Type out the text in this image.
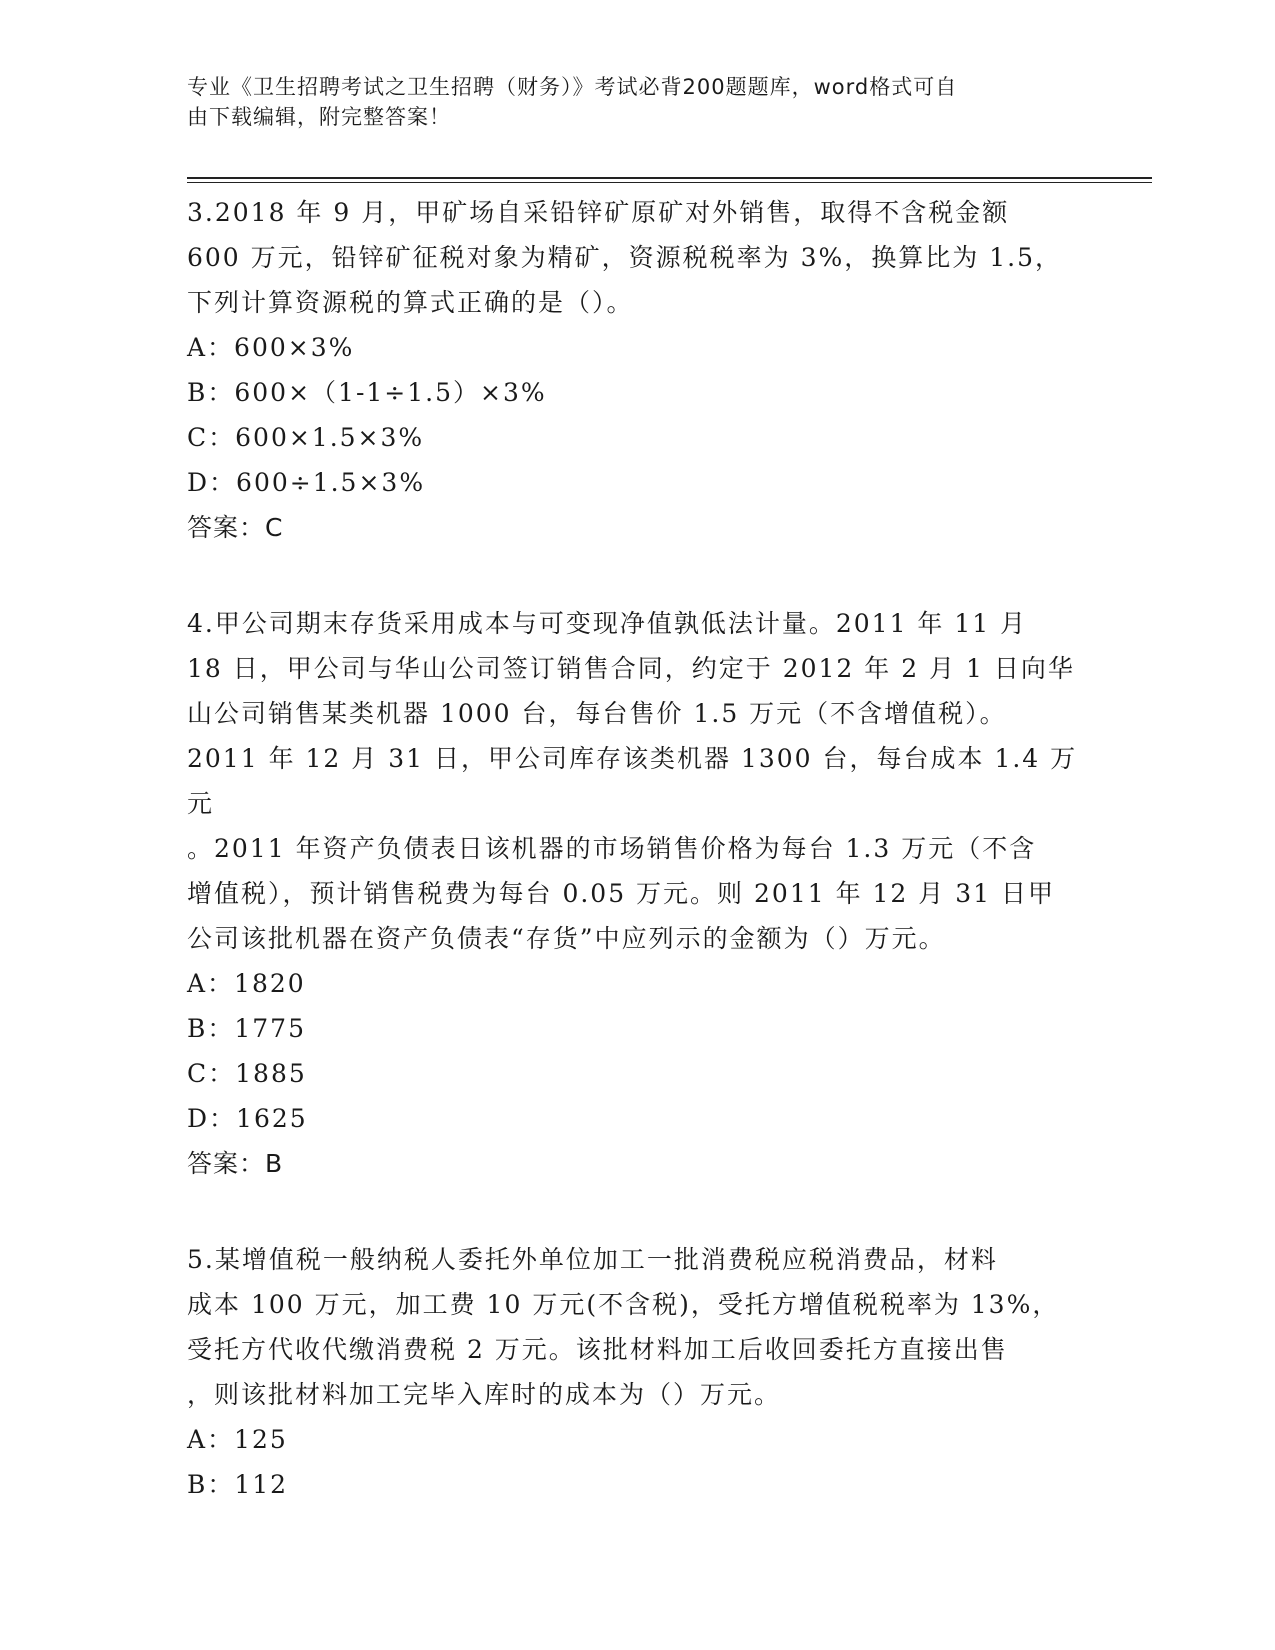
专业《卫生招聘考试之卫生招聘（财务）》考试必背200题题库，word格式可自
由下载编辑，附完整答案！

3.2018 年 9 月，甲矿场自采铅锌矿原矿对外销售，取得不含税金额

600 万元，铅锌矿征税对象为精矿，资源税税率为 3%，换算比为 1.5，

下列计算资源税的算式正确的是（）。

A：600×3%

B：600×（1-1÷1.5）×3%

C：600×1.5×3%

D：600÷1.5×3%

答案：C

4.甲公司期末存货采用成本与可变现净值孰低法计量。2011 年 11 月

18 日，甲公司与华山公司签订销售合同，约定于 2012 年 2 月 1 日向华

山公司销售某类机器 1000 台，每台售价 1.5 万元（不含增值税）。

2011 年 12 月 31 日，甲公司库存该类机器 1300 台，每台成本 1.4 万元

。2011 年资产负债表日该机器的市场销售价格为每台 1.3 万元（不含

增值税），预计销售税费为每台 0.05 万元。则 2011 年 12 月 31 日甲

公司该批机器在资产负债表“存货”中应列示的金额为（）万元。

A：1820

B：1775

C：1885

D：1625

答案：B

5.某增值税一般纳税人委托外单位加工一批消费税应税消费品，材料

成本 100 万元，加工费 10 万元(不含税)，受托方增值税税率为 13%，

受托方代收代缴消费税 2 万元。该批材料加工后收回委托方直接出售

，则该批材料加工完毕入库时的成本为（）万元。

A：125

B：112
